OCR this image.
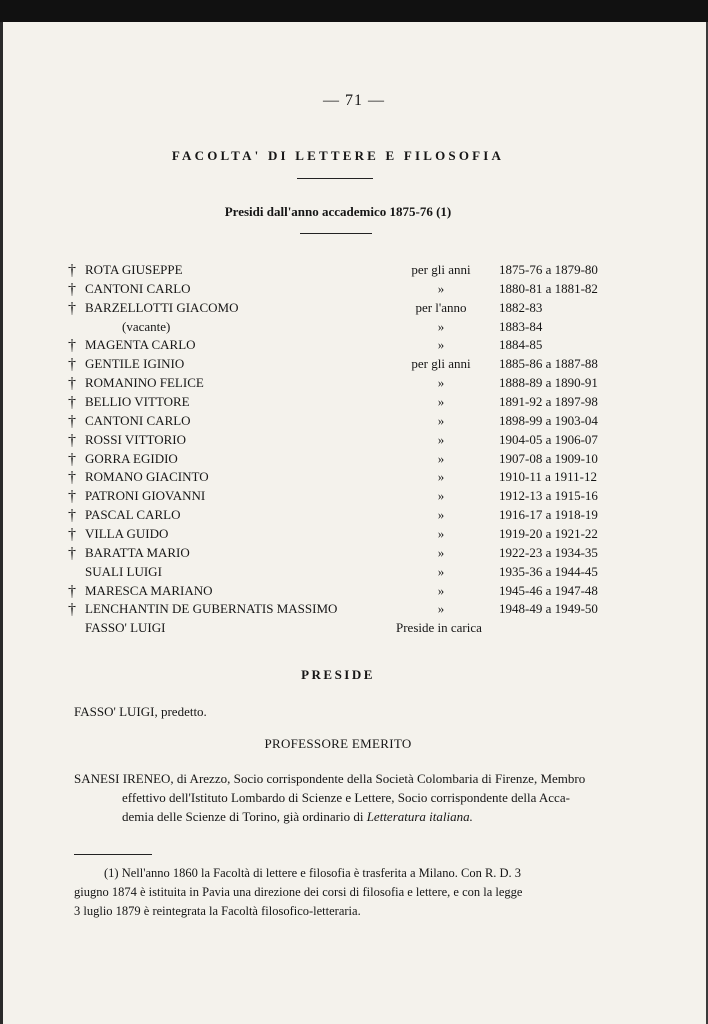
— 71 —
FACOLTA' DI LETTERE E FILOSOFIA
Presidi dall'anno accademico 1875-76 (1)
† ROTA GIUSEPPE	per gli anni	1875-76 a 1879-80
† CANTONI CARLO	»	1880-81 a 1881-82
† BARZELLOTTI GIACOMO	per l'anno	1882-83
(vacante)	»	1883-84
† MAGENTA CARLO	»	1884-85
† GENTILE IGINIO	per gli anni	1885-86 a 1887-88
† ROMANINO FELICE	»	1888-89 a 1890-91
† BELLIO VITTORE	»	1891-92 a 1897-98
† CANTONI CARLO	»	1898-99 a 1903-04
† ROSSI VITTORIO	»	1904-05 a 1906-07
† GORRA EGIDIO	»	1907-08 a 1909-10
† ROMANO GIACINTO	»	1910-11 a 1911-12
† PATRONI GIOVANNI	»	1912-13 a 1915-16
† PASCAL CARLO	»	1916-17 a 1918-19
† VILLA GUIDO	»	1919-20 a 1921-22
† BARATTA MARIO	»	1922-23 a 1934-35
SUALI LUIGI	»	1935-36 a 1944-45
† MARESCA MARIANO	»	1945-46 a 1947-48
† LENCHANTIN DE GUBERNATIS MASSIMO	»	1948-49 a 1949-50
FASSO' LUIGI	Preside in carica
PRESIDE
FASSO' LUIGI, predetto.
PROFESSORE EMERITO
SANESI IRENEO, di Arezzo, Socio corrispondente della Società Colombaria di Firenze, Membro
effettivo dell'Istituto Lombardo di Scienze e Lettere, Socio corrispondente della Acca-
demia delle Scienze di Torino, già ordinario di Letteratura italiana.
(1) Nell'anno 1860 la Facoltà di lettere e filosofia è trasferita a Milano. Con R. D. 3
giugno 1874 è istituita in Pavia una direzione dei corsi di filosofia e lettere, e con la legge
3 luglio 1879 è reintegrata la Facoltà filosofico-letteraria.
